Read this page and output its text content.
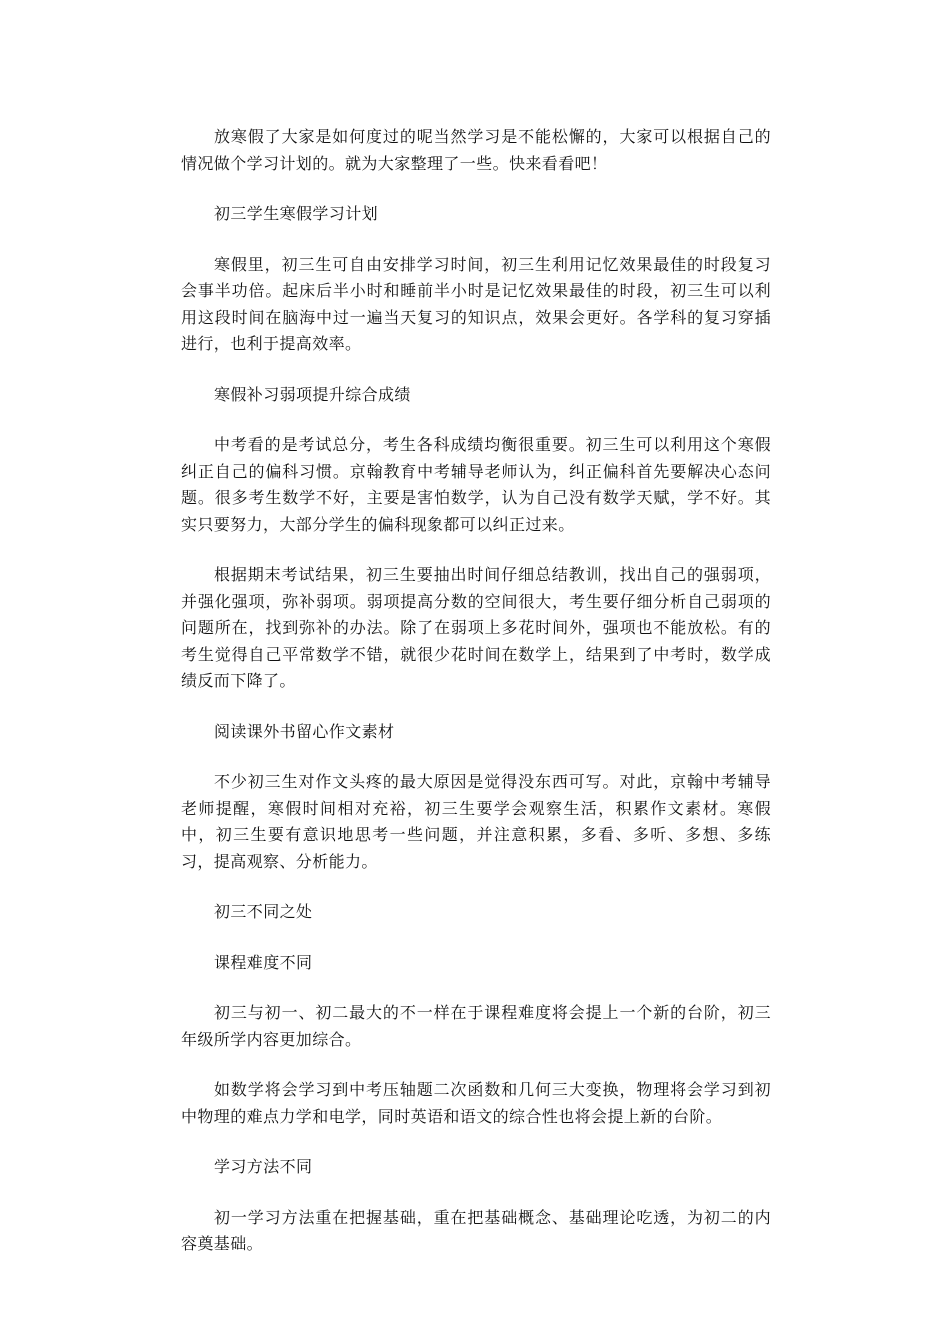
放寒假了大家是如何度过的呢当然学习是不能松懈的，大家可以根据自己的情况做个学习计划的。就为大家整理了一些。快来看看吧！

初三学生寒假学习计划

寒假里，初三生可自由安排学习时间，初三生利用记忆效果最佳的时段复习会事半功倍。起床后半小时和睡前半小时是记忆效果最佳的时段，初三生可以利用这段时间在脑海中过一遍当天复习的知识点，效果会更好。各学科的复习穿插进行，也利于提高效率。

寒假补习弱项提升综合成绩

中考看的是考试总分，考生各科成绩均衡很重要。初三生可以利用这个寒假纠正自己的偏科习惯。京翰教育中考辅导老师认为，纠正偏科首先要解决心态问题。很多考生数学不好，主要是害怕数学，认为自己没有数学天赋，学不好。其实只要努力，大部分学生的偏科现象都可以纠正过来。

根据期末考试结果，初三生要抽出时间仔细总结教训，找出自己的强弱项，并强化强项，弥补弱项。弱项提高分数的空间很大，考生要仔细分析自己弱项的问题所在，找到弥补的办法。除了在弱项上多花时间外，强项也不能放松。有的考生觉得自己平常数学不错，就很少花时间在数学上，结果到了中考时，数学成绩反而下降了。

阅读课外书留心作文素材

不少初三生对作文头疼的最大原因是觉得没东西可写。对此，京翰中考辅导老师提醒，寒假时间相对充裕，初三生要学会观察生活，积累作文素材。寒假中，初三生要有意识地思考一些问题，并注意积累，多看、多听、多想、多练习，提高观察、分析能力。

初三不同之处

课程难度不同

初三与初一、初二最大的不一样在于课程难度将会提上一个新的台阶，初三年级所学内容更加综合。

如数学将会学习到中考压轴题二次函数和几何三大变换，物理将会学习到初中物理的难点力学和电学，同时英语和语文的综合性也将会提上新的台阶。

学习方法不同

初一学习方法重在把握基础，重在把基础概念、基础理论吃透，为初二的内容奠基础。
